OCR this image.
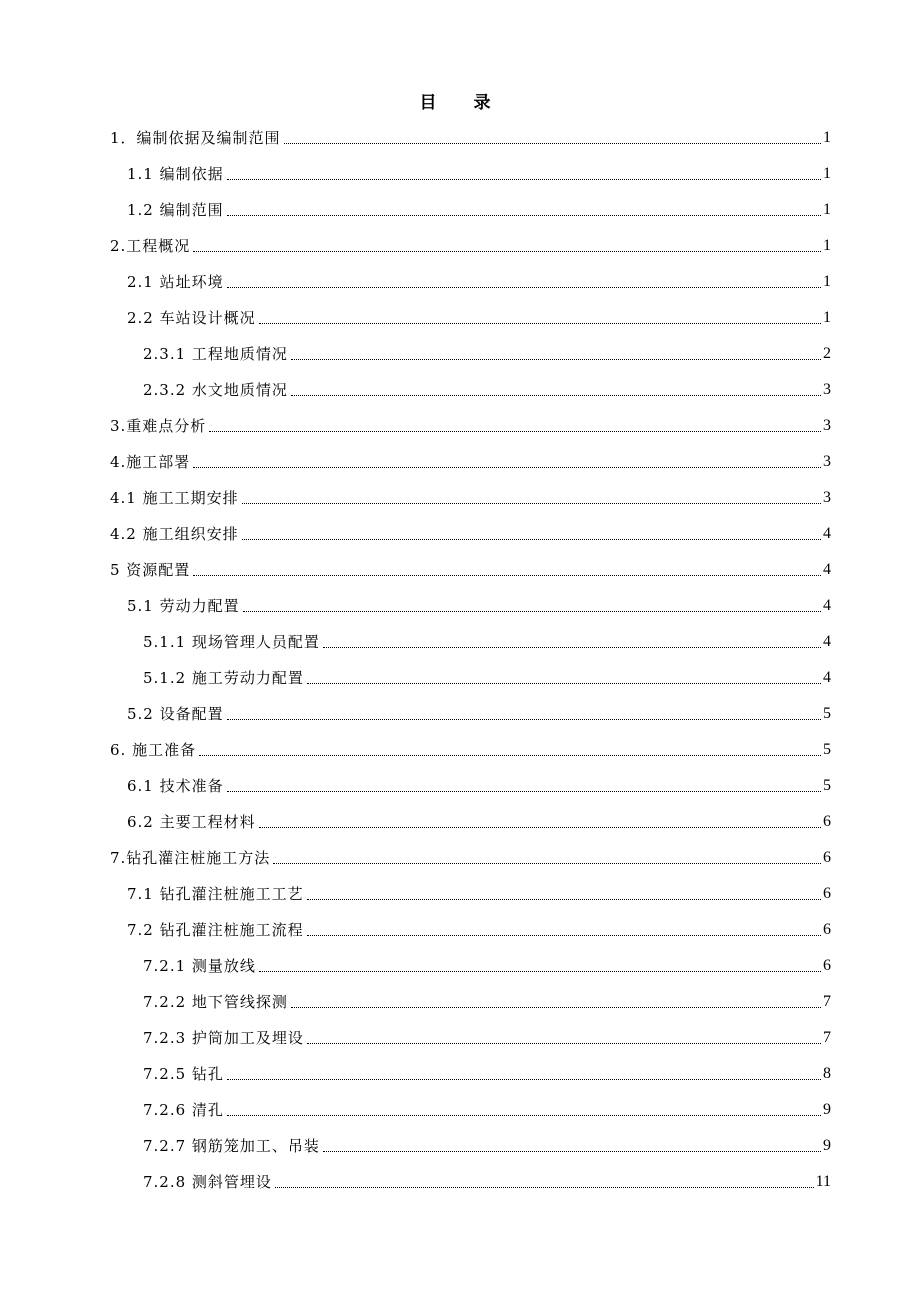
目　录
1．编制依据及编制范围	1
1.1 编制依据	1
1.2 编制范围	1
2.工程概况	1
2.1 站址环境	1
2.2 车站设计概况	1
2.3.1 工程地质情况	2
2.3.2 水文地质情况	3
3.重难点分析	3
4.施工部署	3
4.1 施工工期安排	3
4.2 施工组织安排	4
5 资源配置	4
5.1 劳动力配置	4
5.1.1 现场管理人员配置	4
5.1.2 施工劳动力配置	4
5.2 设备配置	5
6. 施工准备	5
6.1 技术准备	5
6.2 主要工程材料	6
7.钻孔灌注桩施工方法	6
7.1 钻孔灌注桩施工工艺	6
7.2 钻孔灌注桩施工流程	6
7.2.1 测量放线	6
7.2.2 地下管线探测	7
7.2.3 护筒加工及埋设	7
7.2.5 钻孔	8
7.2.6 清孔	9
7.2.7 钢筋笼加工、吊装	9
7.2.8 测斜管埋设	11
